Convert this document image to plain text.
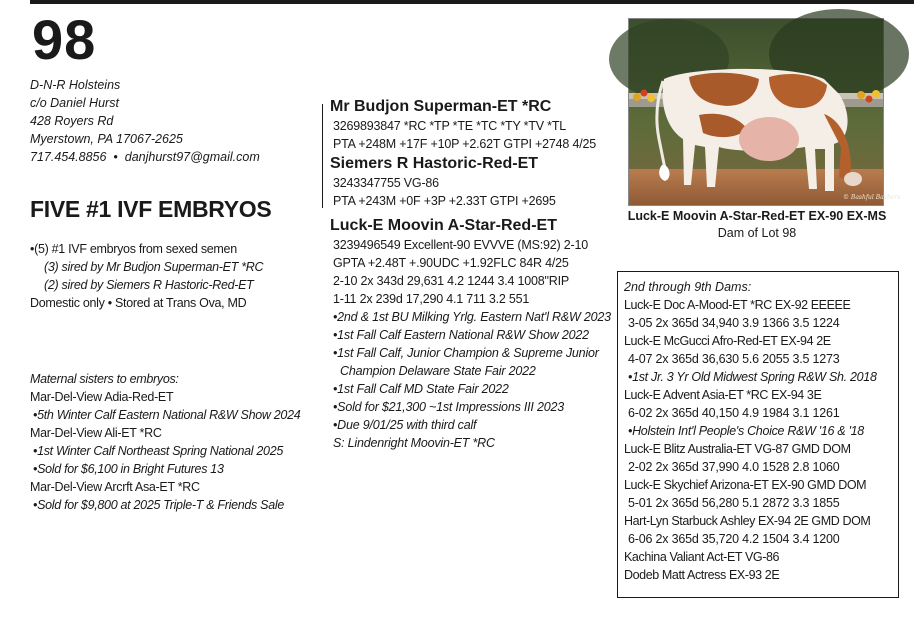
98
D-N-R Holsteins
c/o Daniel Hurst
428 Royers Rd
Myerstown, PA 17067-2625
717.454.8856  •  danjhurst97@gmail.com
FIVE #1 IVF EMBRYOS
•(5) #1 IVF embryos from sexed semen
(3) sired by Mr Budjon Superman-ET *RC
(2) sired by Siemers R Hastoric-Red-ET
Domestic only • Stored at Trans Ova, MD
Maternal sisters to embryos:
Mar-Del-View Adia-Red-ET
•5th Winter Calf Eastern National R&W Show 2024
Mar-Del-View Ali-ET *RC
•1st Winter Calf Northeast Spring National 2025
•Sold for $6,100 in Bright Futures 13
Mar-Del-View Arcrft Asa-ET *RC
•Sold for $9,800 at 2025 Triple-T & Friends Sale
Mr Budjon Superman-ET *RC
3269893847 *RC *TP *TE *TC *TY *TV *TL
PTA +248M +17F +10P +2.62T GTPI +2748 4/25
Siemers R Hastoric-Red-ET
3243347755 VG-86
PTA +243M +0F +3P +2.33T GTPI +2695
Luck-E Moovin A-Star-Red-ET
3239496549 Excellent-90 EVVVE (MS:92) 2-10
GPTA +2.48T +.90UDC +1.92FLC 84R 4/25
2-10 2x 343d 29,631 4.2 1244 3.4 1008"RIP
1-11 2x 239d 17,290 4.1 711 3.2 551
•2nd & 1st BU Milking Yrlg. Eastern Nat'l R&W 2023
•1st Fall Calf Eastern National R&W Show 2022
•1st Fall Calf, Junior Champion & Supreme Junior
Champion Delaware State Fair 2022
•1st Fall Calf MD State Fair 2022
•Sold for $21,300 ~1st Impressions III 2023
•Due 9/01/25 with third calf
S: Lindenright Moovin-ET *RC
© Bashful Bashers
Luck-E Moovin A-Star-Red-ET EX-90 EX-MS
Dam of Lot 98
2nd through 9th Dams:
Luck-E Doc A-Mood-ET *RC EX-92 EEEEE
3-05 2x 365d 34,940 3.9 1366 3.5 1224
Luck-E McGucci Afro-Red-ET EX-94 2E
4-07 2x 365d 36,630 5.6 2055 3.5 1273
•1st Jr. 3 Yr Old Midwest Spring R&W Sh. 2018
Luck-E Advent Asia-ET *RC EX-94 3E
6-02 2x 365d 40,150 4.9 1984 3.1 1261
•Holstein Int'l People's Choice R&W '16 & '18
Luck-E Blitz Australia-ET VG-87 GMD DOM
2-02 2x 365d 37,990 4.0 1528 2.8 1060
Luck-E Skychief Arizona-ET EX-90 GMD DOM
5-01 2x 365d 56,280 5.1 2872 3.3 1855
Hart-Lyn Starbuck Ashley EX-94 2E GMD DOM
6-06 2x 365d 35,720 4.2 1504 3.4 1200
Kachina Valiant Act-ET VG-86
Dodeb Matt Actress EX-93 2E
